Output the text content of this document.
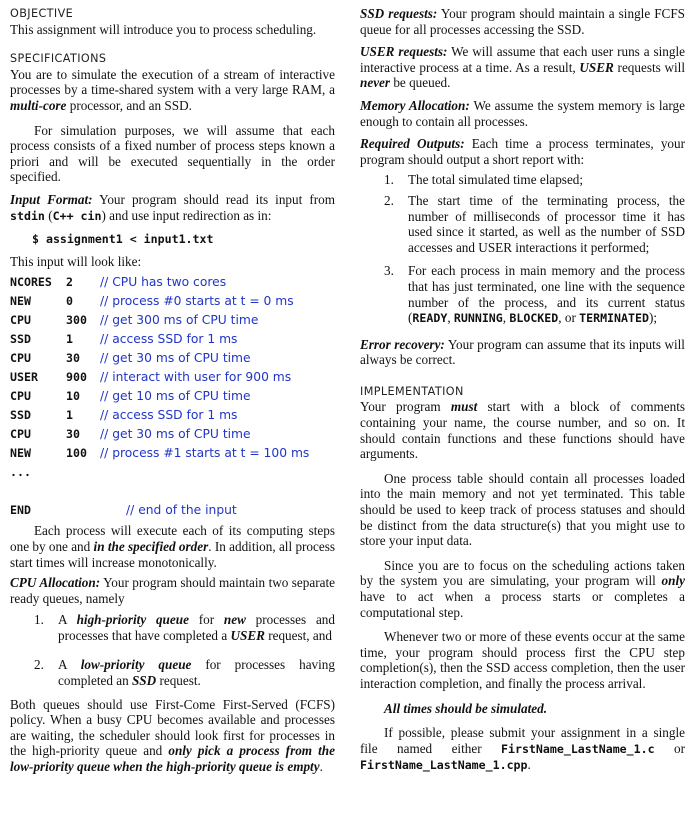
OBJECTIVE

This assignment will introduce you to process scheduling.

SPECIFICATIONS

You are to simulate the execution of a stream of interactive processes by a time-shared system with a very large RAM, a multi-core processor, and an SSD.

For simulation purposes, we will assume that each process consists of a fixed number of process steps known a priori and will be executed sequentially in the order specified.

Input Format: Your program should read its input from stdin (C++ cin) and use input redirection as in:

$ assignment1 < input1.txt

This input will look like:

NCORES	2	// CPU has two cores
NEW	0	// process #0 starts at t = 0 ms
CPU	300	// get 300 ms of CPU time
SSD	1	// access SSD for 1 ms
CPU	30	// get 30 ms of CPU time
USER	900	// interact with user for 900 ms
CPU	10	// get 10 ms of CPU time
SSD	1	// access SSD for 1 ms
CPU	30	// get 30 ms of CPU time
NEW	100	// process #1 starts at t = 100 ms
...		

END		// end of the input

Each process will execute each of its computing steps one by one and in the specified order. In addition, all process start times will increase monotonically.

CPU Allocation: Your program should maintain two separate ready queues, namely

1. A high-priority queue for new processes and processes that have completed a USER request, and
2. A low-priority queue for processes having completed an SSD request.

Both queues should use First-Come First-Served (FCFS) policy. When a busy CPU becomes available and processes are waiting, the scheduler should look first for processes in the high-priority queue and only pick a process from the low-priority queue when the high-priority queue is empty.

SSD requests: Your program should maintain a single FCFS queue for all processes accessing the SSD.

USER requests: We will assume that each user runs a single interactive process at a time. As a result, USER requests will never be queued.

Memory Allocation: We assume the system memory is large enough to contain all processes.

Required Outputs: Each time a process terminates, your program should output a short report with:

1. The total simulated time elapsed;
2. The start time of the terminating process, the number of milliseconds of processor time it has used since it started, as well as the number of SSD accesses and USER interactions it performed;
3. For each process in main memory and the process that has just terminated, one line with the sequence number of the process, and its current status (READY, RUNNING, BLOCKED, or TERMINATED);

Error recovery: Your program can assume that its inputs will always be correct.

IMPLEMENTATION

Your program must start with a block of comments containing your name, the course number, and so on. It should contain functions and these functions should have arguments.

One process table should contain all processes loaded into the main memory and not yet terminated. This table should be used to keep track of process statuses and should be distinct from the data structure(s) that you might use to store your input data.

Since you are to focus on the scheduling actions taken by the system you are simulating, your program will only have to act when a process starts or completes a computational step.

Whenever two or more of these events occur at the same time, your program should process first the CPU step completion(s), then the SSD access completion, then the user interaction completion, and finally the process arrival.

All times should be simulated.

If possible, please submit your assignment in a single file named either FirstName_LastName_1.c or FirstName_LastName_1.cpp.
